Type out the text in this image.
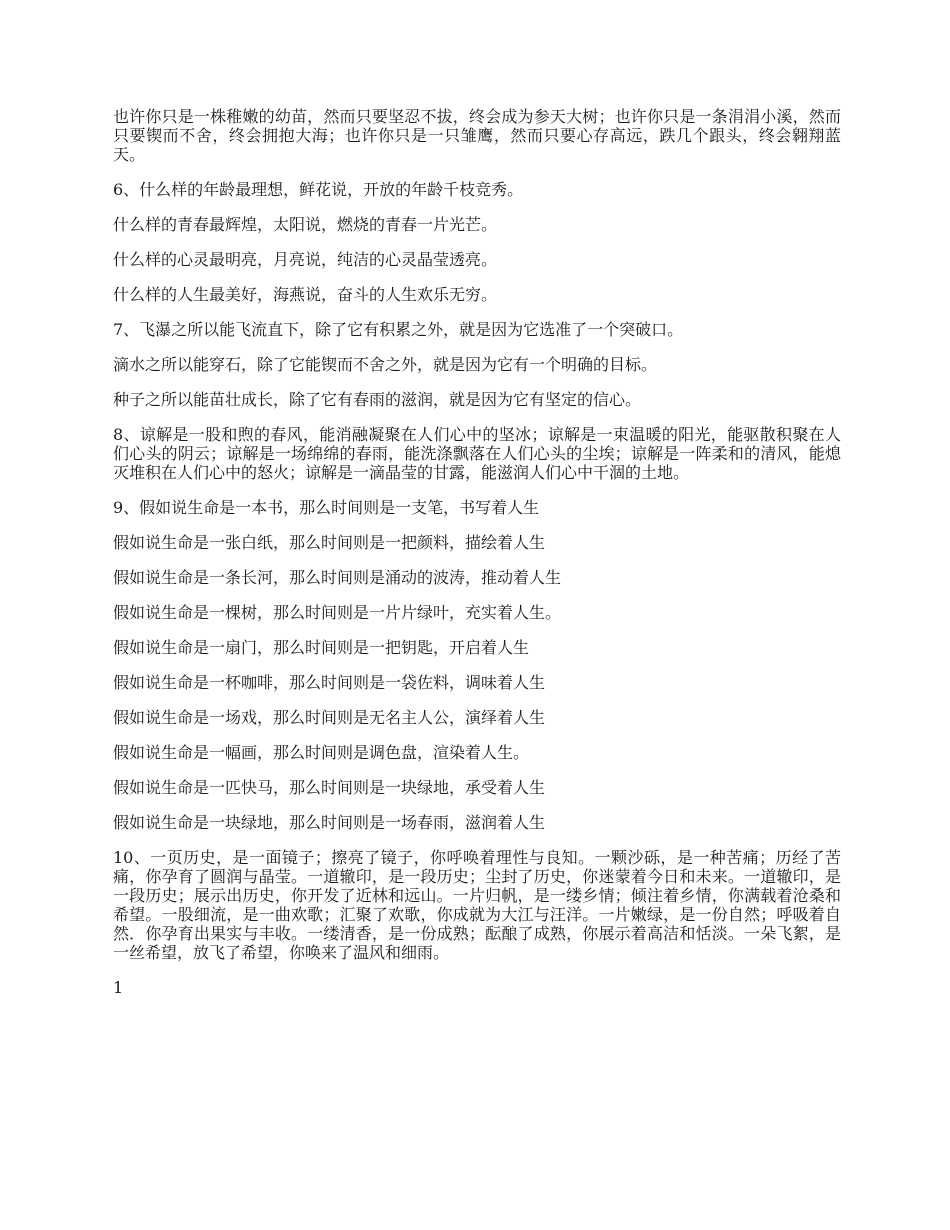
也许你只是一株稚嫩的幼苗，然而只要坚忍不拔，终会成为参天大树；也许你只是一条涓涓小溪，然而只要锲而不舍，终会拥抱大海；也许你只是一只雏鹰，然而只要心存高远，跌几个跟头，终会翱翔蓝天。

6、什么样的年龄最理想，鲜花说，开放的年龄千枝竞秀。

什么样的青春最辉煌，太阳说，燃烧的青春一片光芒。

什么样的心灵最明亮，月亮说，纯洁的心灵晶莹透亮。

什么样的人生最美好，海燕说，奋斗的人生欢乐无穷。

7、飞瀑之所以能飞流直下，除了它有积累之外，就是因为它选准了一个突破口。

滴水之所以能穿石，除了它能锲而不舍之外，就是因为它有一个明确的目标。

种子之所以能苗壮成长，除了它有春雨的滋润，就是因为它有坚定的信心。

8、谅解是一股和煦的春风，能消融凝聚在人们心中的坚冰；谅解是一束温暖的阳光，能驱散积聚在人们心头的阴云；谅解是一场绵绵的春雨，能洗涤飘落在人们心头的尘埃；谅解是一阵柔和的清风，能熄灭堆积在人们心中的怒火；谅解是一滴晶莹的甘露，能滋润人们心中干涸的土地。

9、假如说生命是一本书，那么时间则是一支笔，书写着人生

假如说生命是一张白纸，那么时间则是一把颜料，描绘着人生

假如说生命是一条长河，那么时间则是涌动的波涛，推动着人生

假如说生命是一棵树，那么时间则是一片片绿叶，充实着人生。

假如说生命是一扇门，那么时间则是一把钥匙，开启着人生

假如说生命是一杯咖啡，那么时间则是一袋佐料，调味着人生

假如说生命是一场戏，那么时间则是无名主人公，演绎着人生

假如说生命是一幅画，那么时间则是调色盘，渲染着人生。

假如说生命是一匹快马，那么时间则是一块绿地，承受着人生

假如说生命是一块绿地，那么时间则是一场春雨，滋润着人生

10、一页历史，是一面镜子；擦亮了镜子，你呼唤着理性与良知。一颗沙砾，是一种苦痛；历经了苦痛，你孕育了圆润与晶莹。一道辙印，是一段历史；尘封了历史，你迷蒙着今日和未来。一道辙印，是一段历史；展示出历史，你开发了近林和远山。一片归帆，是一缕乡情；倾注着乡情，你满载着沧桑和希望。一股细流，是一曲欢歌；汇聚了欢歌，你成就为大江与汪洋。一片嫩绿，是一份自然；呼吸着自然．你孕育出果实与丰收。一缕清香，是一份成熟；酝酿了成熟，你展示着高洁和恬淡。一朵飞絮，是一丝希望，放飞了希望，你唤来了温风和细雨。

1
